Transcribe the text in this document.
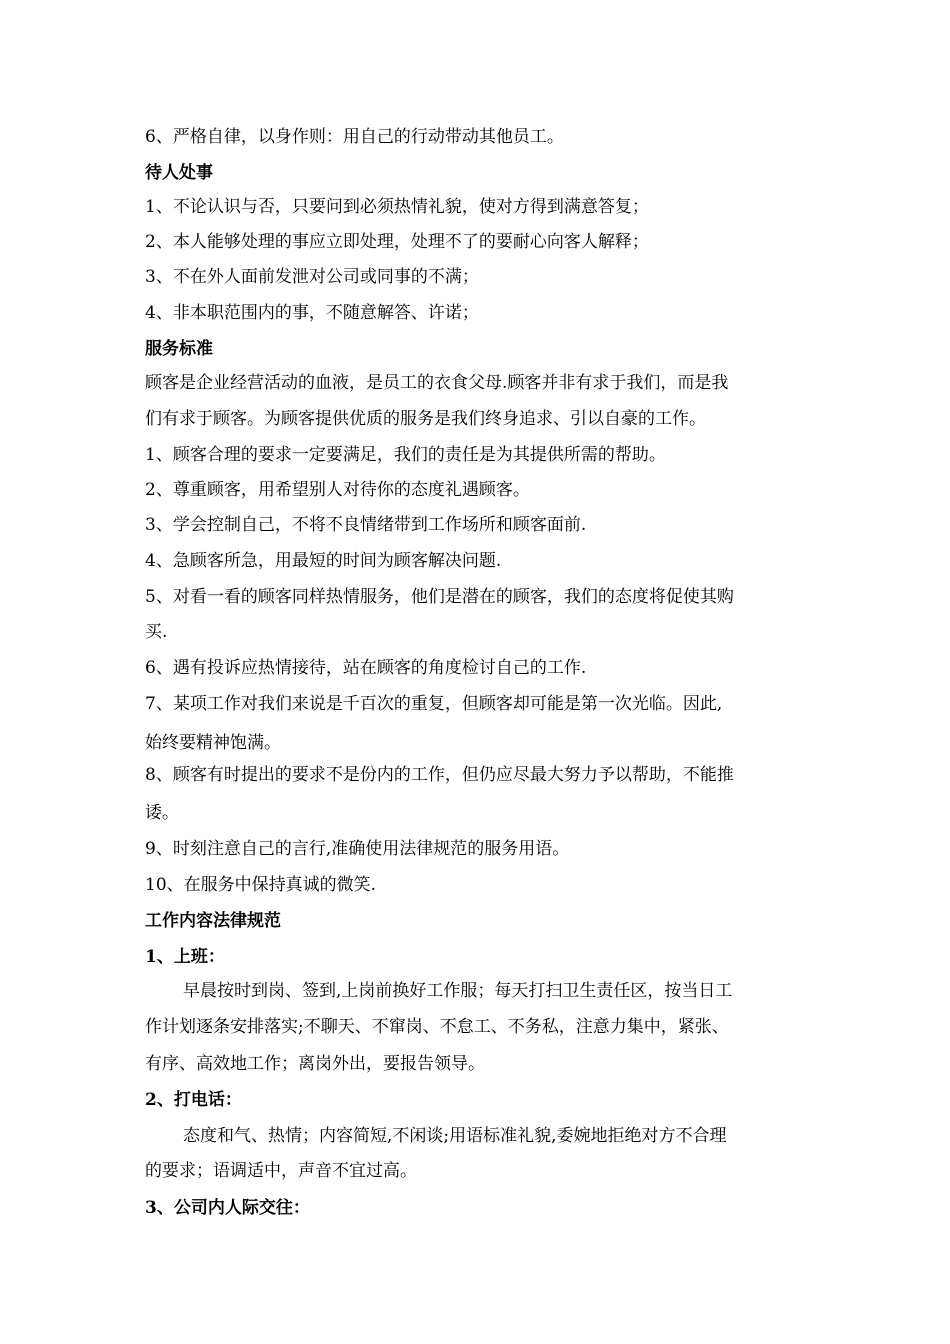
6、严格自律，以身作则：用自己的行动带动其他员工。
待人处事
1、不论认识与否，只要问到必须热情礼貌，使对方得到满意答复；
2、本人能够处理的事应立即处理，处理不了的要耐心向客人解释；
3、不在外人面前发泄对公司或同事的不满；
4、非本职范围内的事，不随意解答、许诺；
服务标准
顾客是企业经营活动的血液，是员工的衣食父母.顾客并非有求于我们，而是我
们有求于顾客。为顾客提供优质的服务是我们终身追求、引以自豪的工作。
1、顾客合理的要求一定要满足，我们的责任是为其提供所需的帮助。
2、尊重顾客，用希望别人对待你的态度礼遇顾客。
3、学会控制自己，不将不良情绪带到工作场所和顾客面前.
4、急顾客所急，用最短的时间为顾客解决问题.
5、对看一看的顾客同样热情服务，他们是潜在的顾客，我们的态度将促使其购
买.
6、遇有投诉应热情接待，站在顾客的角度检讨自己的工作.
7、某项工作对我们来说是千百次的重复，但顾客却可能是第一次光临。因此,
始终要精神饱满。
8、顾客有时提出的要求不是份内的工作，但仍应尽最大努力予以帮助，不能推
诿。
9、时刻注意自己的言行,准确使用法律规范的服务用语。
10、在服务中保持真诚的微笑.
工作内容法律规范
1、上班：
早晨按时到岗、签到,上岗前换好工作服；每天打扫卫生责任区，按当日工
作计划逐条安排落实;不聊天、不窜岗、不怠工、不务私，注意力集中，紧张、
有序、高效地工作；离岗外出，要报告领导。
2、打电话：
态度和气、热情；内容简短,不闲谈;用语标准礼貌,委婉地拒绝对方不合理
的要求；语调适中，声音不宜过高。
3、公司内人际交往：
